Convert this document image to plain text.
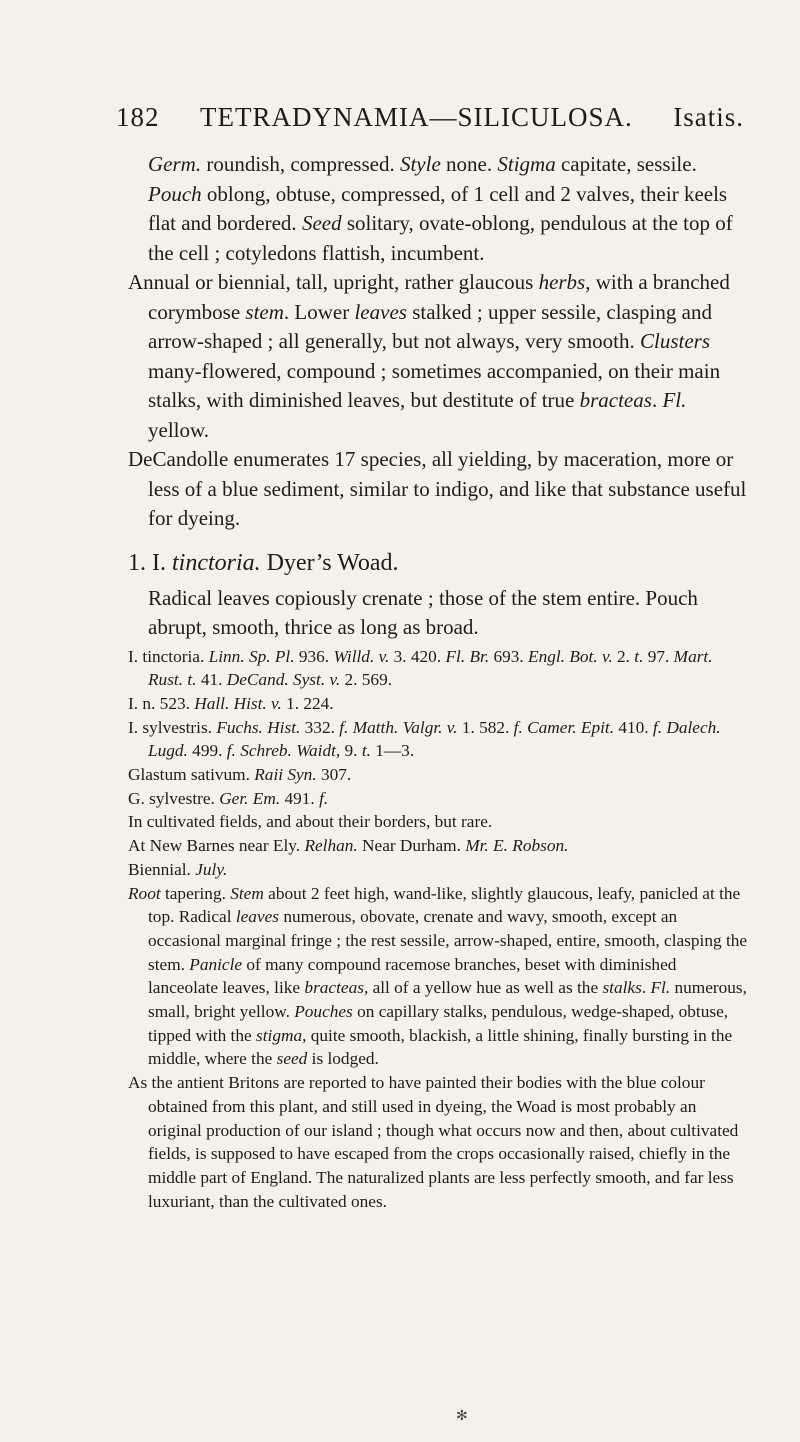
182 TETRADYNAMIA—SILICULOSA. Isatis.

Germ. roundish, compressed. Style none. Stigma capitate, sessile. Pouch oblong, obtuse, compressed, of 1 cell and 2 valves, their keels flat and bordered. Seed solitary, ovate-oblong, pendulous at the top of the cell ; cotyledons flattish, incumbent.

Annual or biennial, tall, upright, rather glaucous herbs, with a branched corymbose stem. Lower leaves stalked ; upper sessile, clasping and arrow-shaped ; all generally, but not always, very smooth. Clusters many-flowered, compound ; sometimes accompanied, on their main stalks, with diminished leaves, but destitute of true bracteas. Fl. yellow.

DeCandolle enumerates 17 species, all yielding, by maceration, more or less of a blue sediment, similar to indigo, and like that substance useful for dyeing.

1. I. tinctoria. Dyer’s Woad.

Radical leaves copiously crenate ; those of the stem entire. Pouch abrupt, smooth, thrice as long as broad.

I. tinctoria. Linn. Sp. Pl. 936. Willd. v. 3. 420. Fl. Br. 693. Engl. Bot. v. 2. t. 97. Mart. Rust. t. 41. DeCand. Syst. v. 2. 569.

I. n. 523. Hall. Hist. v. 1. 224.

I. sylvestris. Fuchs. Hist. 332. f. Matth. Valgr. v. 1. 582. f. Camer. Epit. 410. f. Dalech. Lugd. 499. f. Schreb. Waidt, 9. t. 1—3.

Glastum sativum. Raii Syn. 307.

G. sylvestre. Ger. Em. 491. f.

In cultivated fields, and about their borders, but rare.

At New Barnes near Ely. Relhan. Near Durham. Mr. E. Robson.

Biennial. July.

Root tapering. Stem about 2 feet high, wand-like, slightly glaucous, leafy, panicled at the top. Radical leaves numerous, obovate, crenate and wavy, smooth, except an occasional marginal fringe ; the rest sessile, arrow-shaped, entire, smooth, clasping the stem. Panicle of many compound racemose branches, beset with diminished lanceolate leaves, like bracteas, all of a yellow hue as well as the stalks. Fl. numerous, small, bright yellow. Pouches on capillary stalks, pendulous, wedge-shaped, obtuse, tipped with the stigma, quite smooth, blackish, a little shining, finally bursting in the middle, where the seed is lodged.

As the antient Britons are reported to have painted their bodies with the blue colour obtained from this plant, and still used in dyeing, the Woad is most probably an original production of our island ; though what occurs now and then, about cultivated fields, is supposed to have escaped from the crops occasionally raised, chiefly in the middle part of England. The naturalized plants are less perfectly smooth, and far less luxuriant, than the cultivated ones.

✻
